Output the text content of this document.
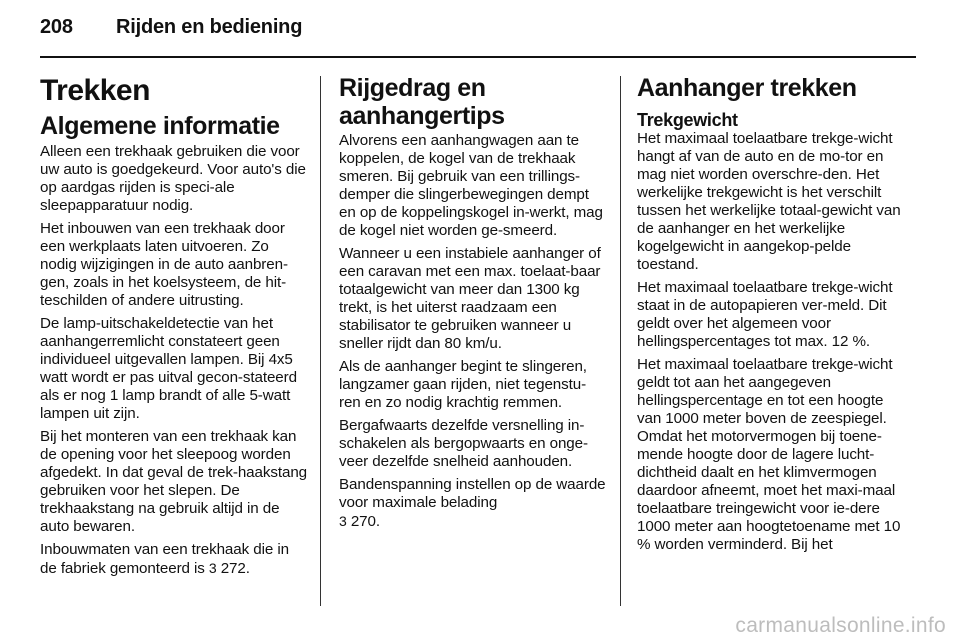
208 Rijden en bediening
Trekken
Algemene informatie

Alleen een trekhaak gebruiken die voor uw auto is goedgekeurd. Voor auto's die op aardgas rijden is speci-ale sleepapparatuur nodig.

Het inbouwen van een trekhaak door een werkplaats laten uitvoeren. Zo nodig wijzigingen in de auto aanbren-gen, zoals in het koelsysteem, de hit-teschilden of andere uitrusting.

De lamp-uitschakeldetectie van het aanhangerremlicht constateert geen individueel uitgevallen lampen. Bij 4x5 watt wordt er pas uitval gecon-stateerd als er nog 1 lamp brandt of alle 5-watt lampen uit zijn.

Bij het monteren van een trekhaak kan de opening voor het sleepoog worden afgedekt. In dat geval de trek-haakstang gebruiken voor het slepen. De trekhaakstang na gebruik altijd in de auto bewaren.

Inbouwmaten van een trekhaak die in de fabriek gemonteerd is 3 272.

Rijgedrag en aanhangertips

Alvorens een aanhangwagen aan te koppelen, de kogel van de trekhaak smeren. Bij gebruik van een trillings-demper die slingerbewegingen dempt en op de koppelingskogel in-werkt, mag de kogel niet worden ge-smeerd.

Wanneer u een instabiele aanhanger of een caravan met een max. toelaat-baar totaalgewicht van meer dan 1300 kg trekt, is het uiterst raadzaam een stabilisator te gebruiken wanneer u sneller rijdt dan 80 km/u.

Als de aanhanger begint te slingeren, langzamer gaan rijden, niet tegenstu-ren en zo nodig krachtig remmen.

Bergafwaarts dezelfde versnelling in-schakelen als bergopwaarts en onge-veer dezelfde snelheid aanhouden.

Bandenspanning instellen op de waarde voor maximale belading
3 270.

Aanhanger trekken
Trekgewicht

Het maximaal toelaatbare trekge-wicht hangt af van de auto en de mo-tor en mag niet worden overschre-den. Het werkelijke trekgewicht is het verschilt tussen het werkelijke totaal-gewicht van de aanhanger en het werkelijke kogelgewicht in aangekop-pelde toestand.

Het maximaal toelaatbare trekge-wicht staat in de autopapieren ver-meld. Dit geldt over het algemeen voor hellingspercentages tot max. 12 %.

Het maximaal toelaatbare trekge-wicht geldt tot aan het aangegeven hellingspercentage en tot een hoogte van 1000 meter boven de zeespiegel. Omdat het motorvermogen bij toene-mende hoogte door de lagere lucht-dichtheid daalt en het klimvermogen daardoor afneemt, moet het maxi-maal toelaatbare treingewicht voor ie-dere 1000 meter aan hoogtetoename met 10 % worden verminderd. Bij het

carmanualsonline.info
